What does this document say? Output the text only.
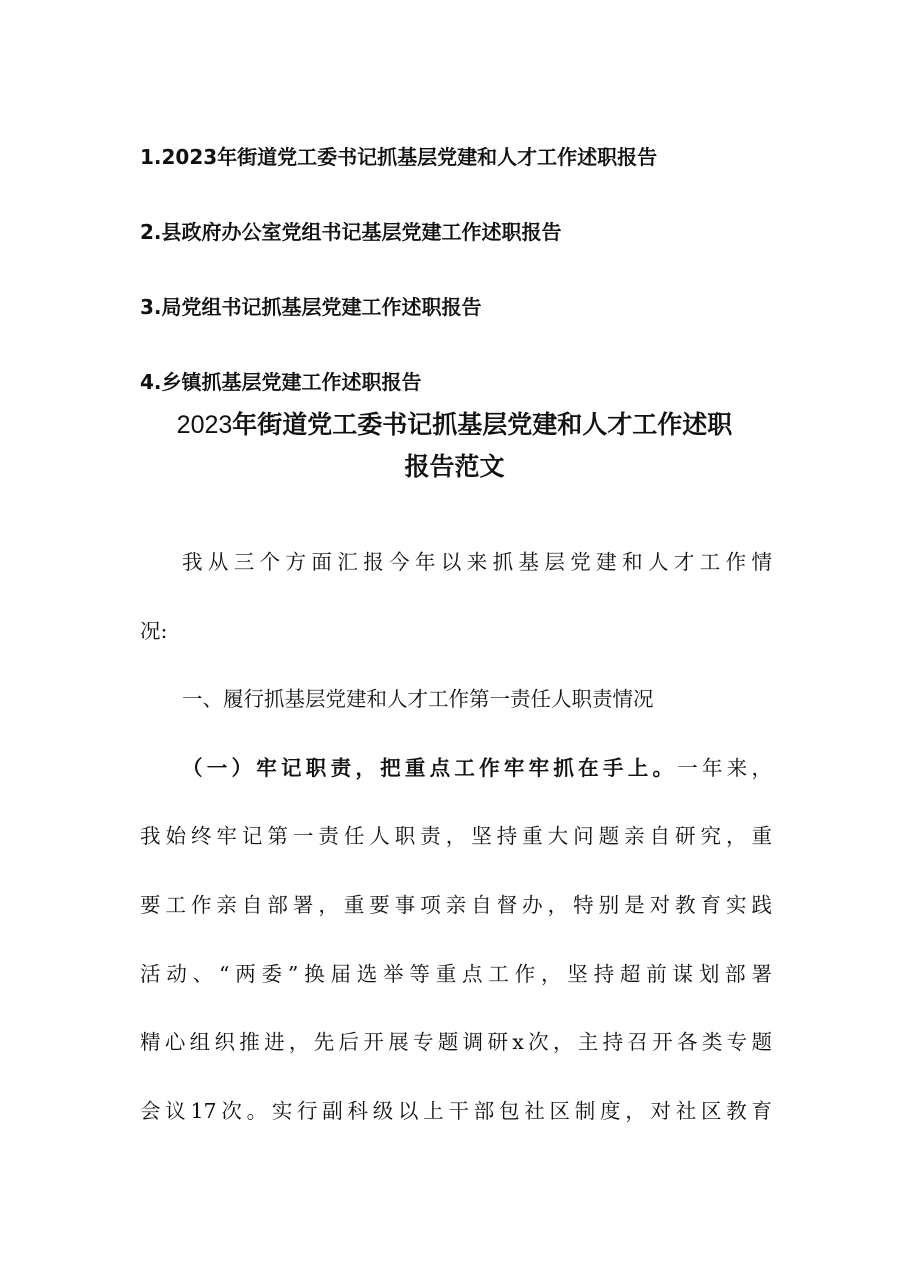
1.2023年街道党工委书记抓基层党建和人才工作述职报告
2.县政府办公室党组书记基层党建工作述职报告
3.局党组书记抓基层党建工作述职报告
4.乡镇抓基层党建工作述职报告
2023年街道党工委书记抓基层党建和人才工作述职
报告范文
我从三个方面汇报今年以来抓基层党建和人才工作情
况:
一、履行抓基层党建和人才工作第一责任人职责情况
（一）牢记职责，把重点工作牢牢抓在手上。一年来，
我始终牢记第一责任人职责，坚持重大问题亲自研究，重
要工作亲自部署，重要事项亲自督办，特别是对教育实践
活动、“两委”换届选举等重点工作，坚持超前谋划部署
精心组织推进，先后开展专题调研x次，主持召开各类专题
会议17次。实行副科级以上干部包社区制度，对社区教育
